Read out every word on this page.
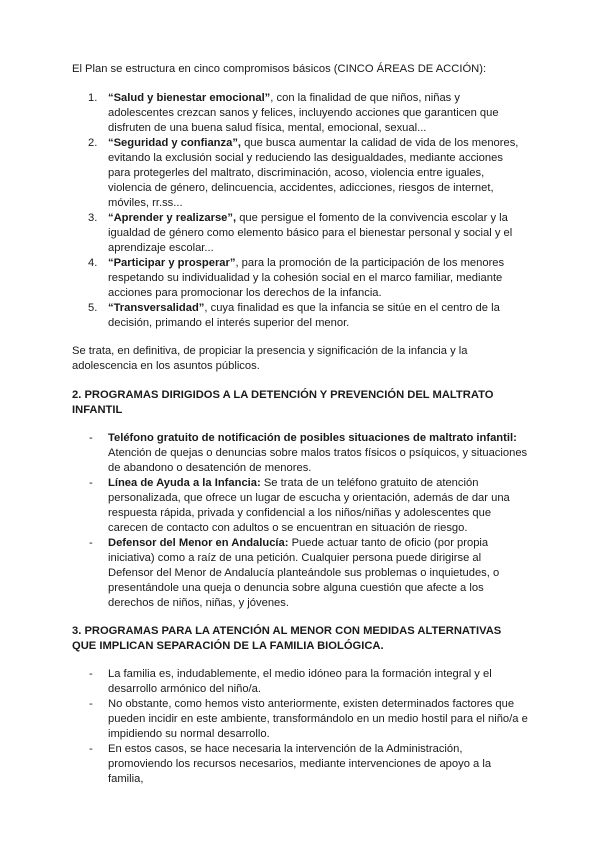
El Plan se estructura en cinco compromisos básicos (CINCO ÁREAS DE ACCIÓN):

1. “Salud y bienestar emocional”, con la finalidad de que niños, niñas y adolescentes crezcan sanos y felices, incluyendo acciones que garanticen que disfruten de una buena salud física, mental, emocional, sexual...
2. “Seguridad y confianza”, que busca aumentar la calidad de vida de los menores, evitando la exclusión social y reduciendo las desigualdades, mediante acciones para protegerles del maltrato, discriminación, acoso, violencia entre iguales, violencia de género, delincuencia, accidentes, adicciones, riesgos de internet, móviles, rr.ss...
3. “Aprender y realizarse”, que persigue el fomento de la convivencia escolar y la igualdad de género como elemento básico para el bienestar personal y social y el aprendizaje escolar...
4. “Participar y prosperar”, para la promoción de la participación de los menores respetando su individualidad y la cohesión social en el marco familiar, mediante acciones para promocionar los derechos de la infancia.
5. “Transversalidad”, cuya finalidad es que la infancia se sitúe en el centro de la decisión, primando el interés superior del menor.

Se trata, en definitiva, de propiciar la presencia y significación de la infancia y la adolescencia en los asuntos públicos.

2. PROGRAMAS DIRIGIDOS A LA DETENCIÓN Y PREVENCIÓN DEL MALTRATO INFANTIL
- Teléfono gratuito de notificación de posibles situaciones de maltrato infantil: Atención de quejas o denuncias sobre malos tratos físicos o psíquicos, y situaciones de abandono o desatención de menores.
- Línea de Ayuda a la Infancia: Se trata de un teléfono gratuito de atención personalizada, que ofrece un lugar de escucha y orientación, además de dar una respuesta rápida, privada y confidencial a los niños/niñas y adolescentes que carecen de contacto con adultos o se encuentran en situación de riesgo.
- Defensor del Menor en Andalucía: Puede actuar tanto de oficio (por propia iniciativa) como a raíz de una petición. Cualquier persona puede dirigirse al Defensor del Menor de Andalucía planteándole sus problemas o inquietudes, o presentándole una queja o denuncia sobre alguna cuestión que afecte a los derechos de niños, niñas, y jóvenes.
3. PROGRAMAS PARA LA ATENCIÓN AL MENOR CON MEDIDAS ALTERNATIVAS QUE IMPLICAN SEPARACIÓN DE LA FAMILIA BIOLÓGICA.
- La familia es, indudablemente, el medio idóneo para la formación integral y el desarrollo armónico del niño/a.
- No obstante, como hemos visto anteriormente, existen determinados factores que pueden incidir en este ambiente, transformándolo en un medio hostil para el niño/a e impidiendo su normal desarrollo.
- En estos casos, se hace necesaria la intervención de la Administración, promoviendo los recursos necesarios, mediante intervenciones de apoyo a la familia,
